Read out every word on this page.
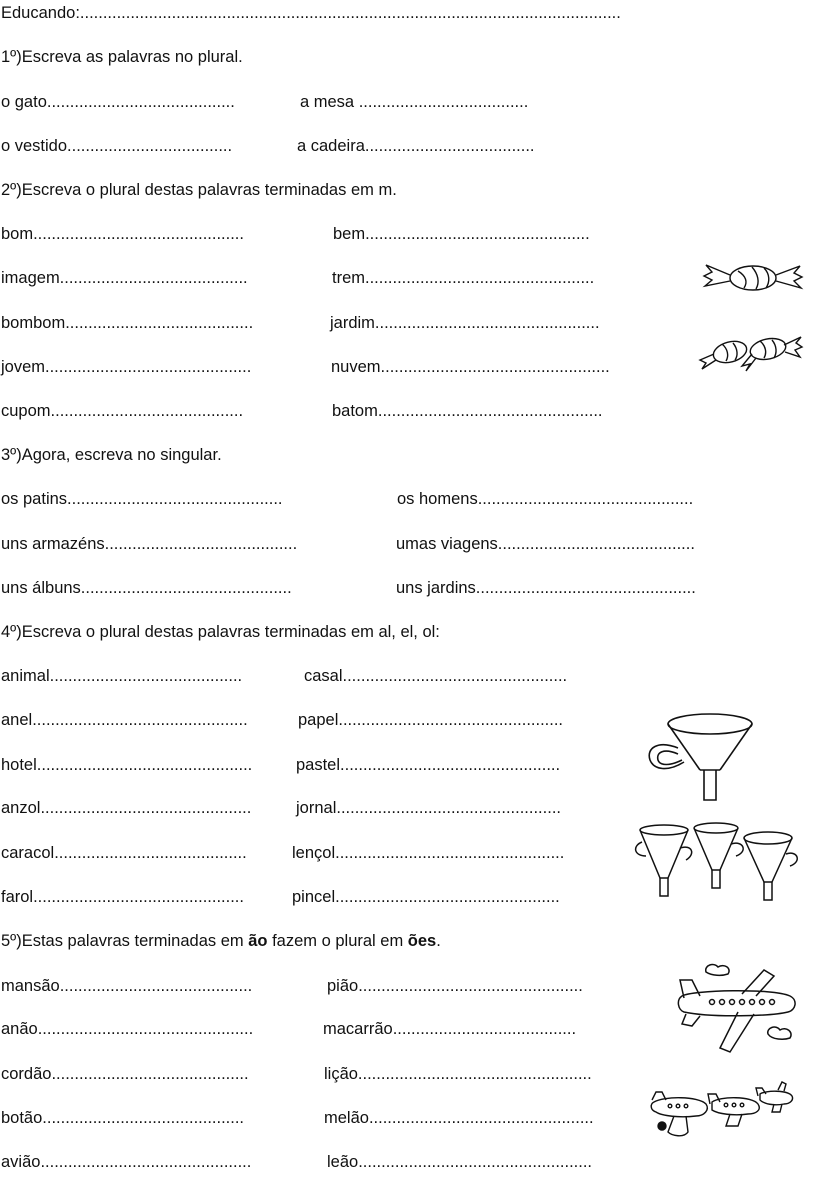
Educando:......................................................................................................................
1º)Escreva as palavras no plural.
o gato.........................................	a mesa .....................................
o vestido....................................	a cadeira.....................................
2º)Escreva o plural destas palavras terminadas em m.
bom..............................................	bem.................................................
imagem.........................................	trem..................................................
bombom.........................................	jardim.................................................
jovem.............................................	nuvem..................................................
cupom..........................................	batom.................................................
3º)Agora, escreva no singular.
os patins...............................................	os homens...............................................
uns armazéns..........................................	umas viagens...........................................
uns álbuns..............................................	uns jardins................................................
4º)Escreva o plural destas palavras terminadas em al, el, ol:
animal..........................................	casal.................................................
anel...............................................	papel.................................................
hotel...............................................	pastel................................................
anzol..............................................	jornal.................................................
caracol..........................................	lençol..................................................
farol..............................................	pincel.................................................
5º)Estas palavras terminadas em ão fazem o plural em ões.
mansão..........................................	pião.................................................
anão...............................................	macarrão........................................
cordão...........................................	lição...................................................
botão............................................	melão.................................................
avião..............................................	leão...................................................
